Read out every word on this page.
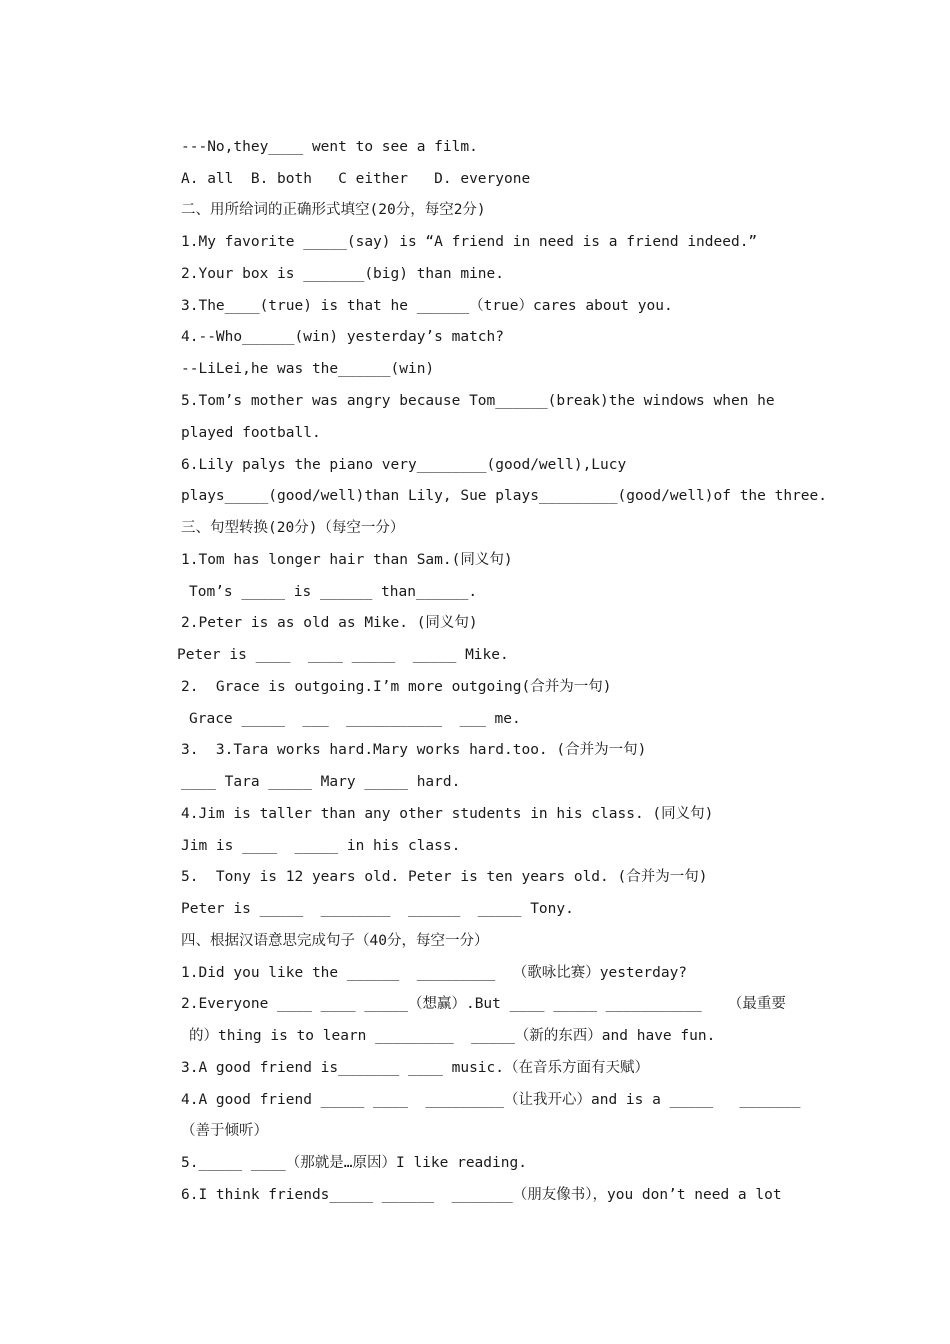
---No,they____ went to see a film.
A. all  B. both   C either   D. everyone
二、用所给词的正确形式填空(20分，每空2分)
1.My favorite _____(say) is “A friend in need is a friend indeed.”
2.Your box is _______(big) than mine.
3.The____(true) is that he ______（true）cares about you.
4.--Who______(win) yesterday’s match?
--LiLei,he was the______(win)
5.Tom’s mother was angry because Tom______(break)the windows when he
played football.
6.Lily palys the piano very________(good/well),Lucy
plays_____(good/well)than Lily, Sue plays_________(good/well)of the three.
三、句型转换(20分)（每空一分）
1.Tom has longer hair than Sam.(同义句)
Tom’s _____ is ______ than______.
2.Peter is as old as Mike. (同义句)
Peter is ____  ____ _____  _____ Mike.
2.  Grace is outgoing.I’m more outgoing(合并为一句)
Grace _____  ___  ___________  ___ me.
3.  3.Tara works hard.Mary works hard.too. (合并为一句)
____ Tara _____ Mary _____ hard.
4.Jim is taller than any other students in his class. (同义句)
Jim is ____  _____ in his class.
5.  Tony is 12 years old. Peter is ten years old. (合并为一句)
Peter is _____  ________  ______  _____ Tony.
四、根据汉语意思完成句子（40分，每空一分）
1.Did you like the ______  _________  （歌咏比赛）yesterday?
2.Everyone ____ ____ _____（想赢）.But ____ _____ ___________   （最重要
的）thing is to learn _________  _____（新的东西）and have fun.
3.A good friend is_______ ____ music.（在音乐方面有天赋）
4.A good friend _____ ____  _________（让我开心）and is a _____   _______
（善于倾听）
5._____ ____（那就是…原因）I like reading.
6.I think friends_____ ______  _______（朋友像书），you don’t need a lot
